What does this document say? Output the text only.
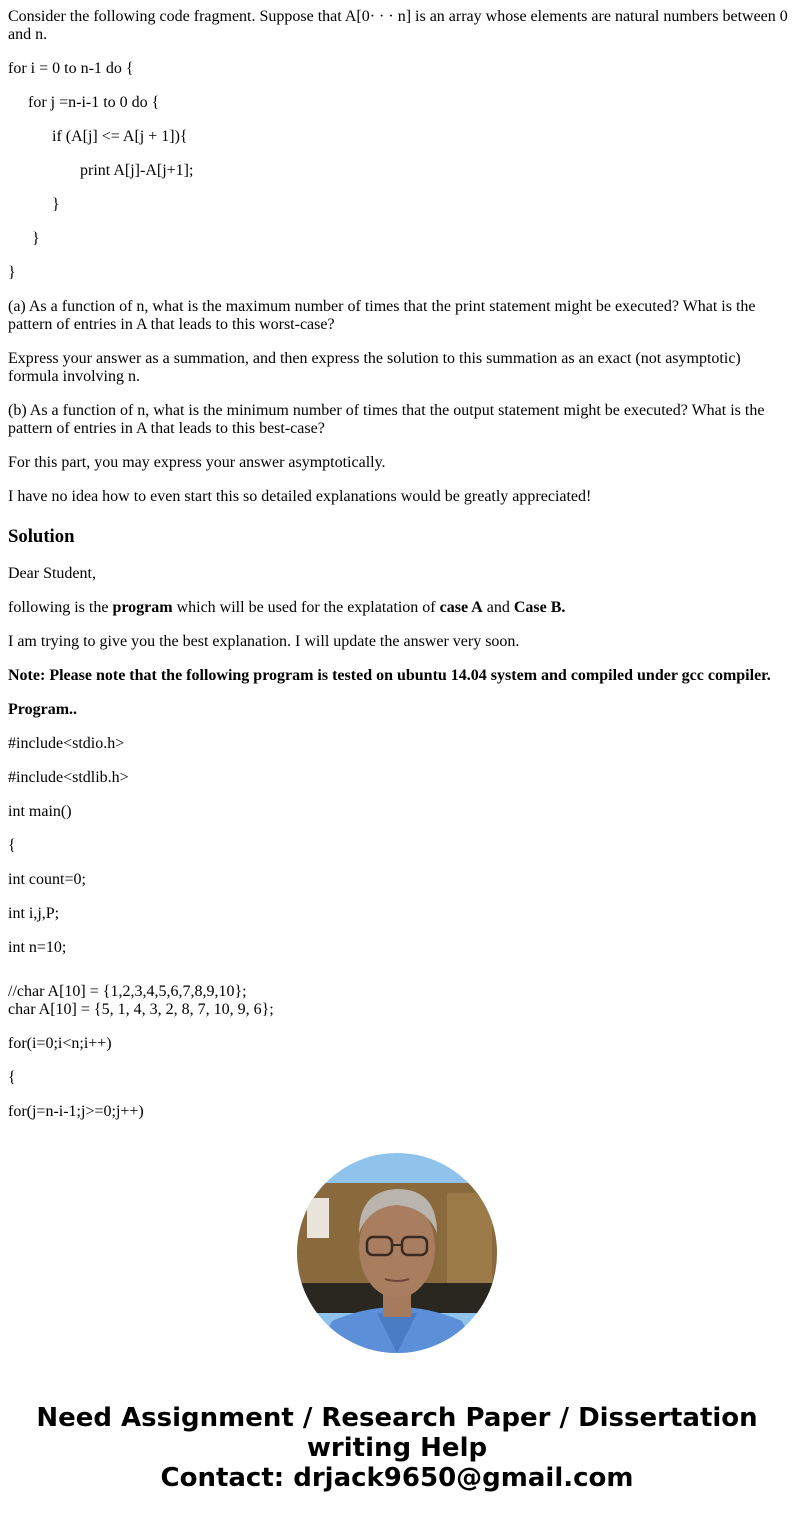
Consider the following code fragment. Suppose that A[0· · · n] is an array whose elements are natural numbers between 0 and n.

for i = 0 to n-1 do {

for j =n-i-1 to 0 do {

if (A[j] <= A[j + 1]){

print A[j]-A[j+1];

}

}

}

(a) As a function of n, what is the maximum number of times that the print statement might be executed? What is the pattern of entries in A that leads to this worst-case?

Express your answer as a summation, and then express the solution to this summation as an exact (not asymptotic) formula involving n.

(b) As a function of n, what is the minimum number of times that the output statement might be executed? What is the pattern of entries in A that leads to this best-case?

For this part, you may express your answer asymptotically.

I have no idea how to even start this so detailed explanations would be greatly appreciated!

Solution

Dear Student,

following is the program which will be used for the explatation of case A and Case B.

I am trying to give you the best explanation. I will update the answer very soon.

Note: Please note that the following program is tested on ubuntu 14.04 system and compiled under gcc compiler.

Program..

#include<stdio.h>

#include<stdlib.h>

int main()

{

int count=0;

int i,j,P;

int n=10;

//char A[10] = {1,2,3,4,5,6,7,8,9,10};

char A[10] = {5, 1, 4, 3, 2, 8, 7, 10, 9, 6};

for(i=0;i<n;i++)

{

for(j=n-i-1;j>=0;j++)

Need Assignment / Research Paper / Dissertation
writing Help
Contact: drjack9650@gmail.com
